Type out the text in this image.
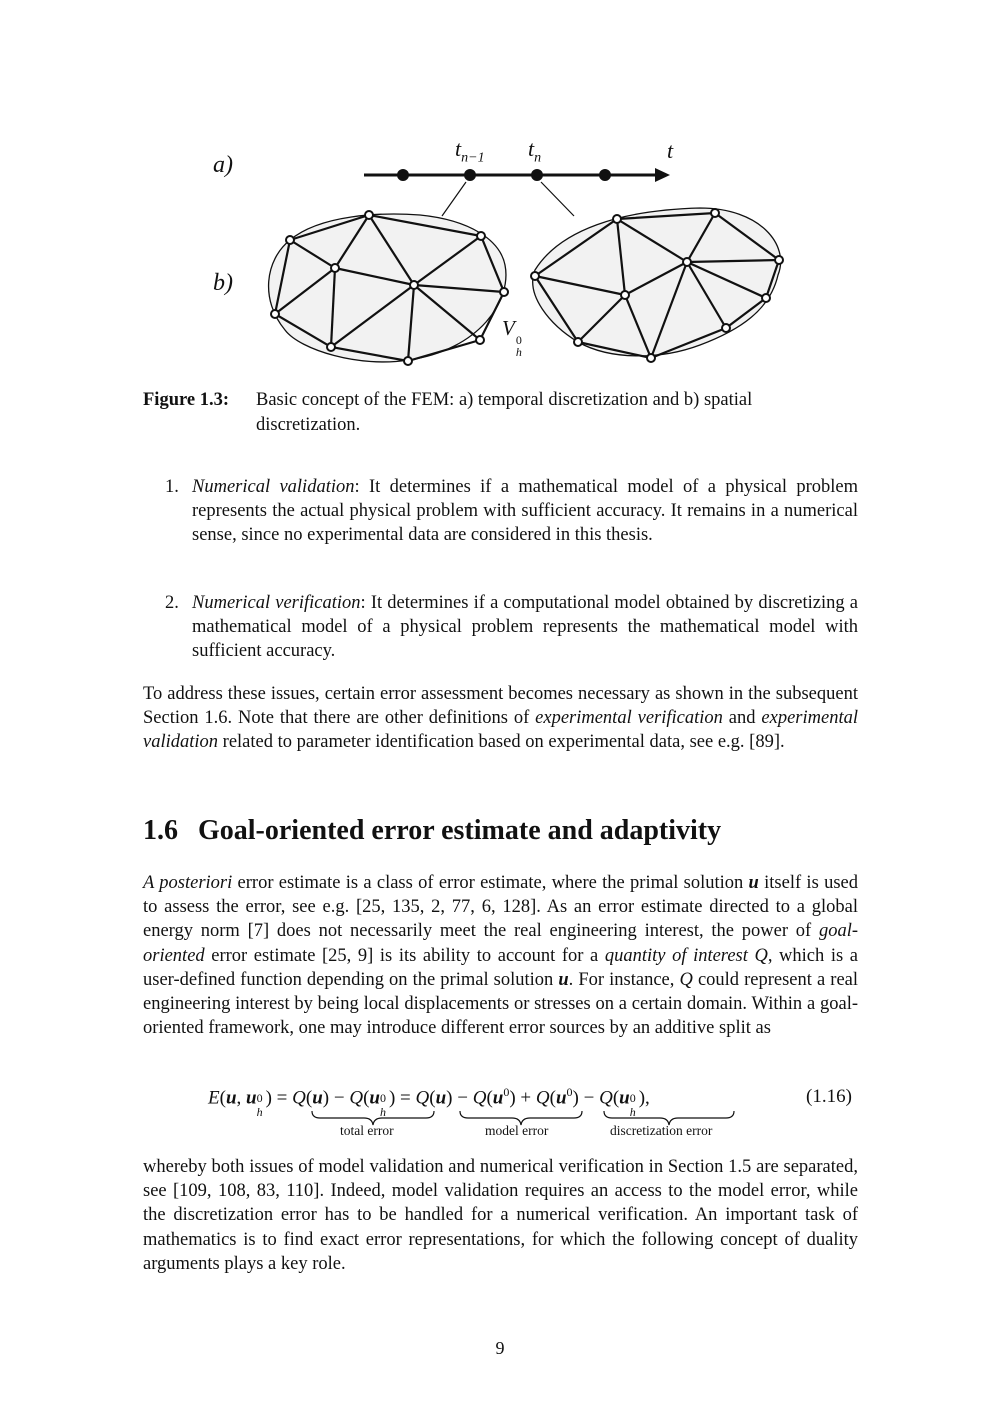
a)
b)
$t_{n-1}$ $t_n$	t
V 0
h
Figure 1.3: Basic concept of the FEM: a) temporal discretization and b) spatial discretization.
1. Numerical validation: It determines if a mathematical model of a physical problem represents the actual physical problem with sufficient accuracy. It remains in a numerical sense, since no experimental data are considered in this thesis.
2. Numerical verification: It determines if a computational model obtained by discretizing a mathematical model of a physical problem represents the mathematical model with sufficient accuracy.
To address these issues, certain error assessment becomes necessary as shown in the subsequent Section 1.6. Note that there are other definitions of experimental verification and experimental validation related to parameter identification based on experimental data, see e.g. [89].
1.6 Goal-oriented error estimate and adaptivity
A posteriori error estimate is a class of error estimate, where the primal solution u itself is used to assess the error, see e.g. [25, 135, 2, 77, 6, 128]. As an error estimate directed to a global energy norm [7] does not necessarily meet the real engineering interest, the power of goal-oriented error estimate [25, 9] is its ability to account for a quantity of interest Q, which is a user-defined function depending on the primal solution u. For instance, Q could represent a real engineering interest by being local displacements or stresses on a certain domain. Within a goal-oriented framework, one may introduce different error sources by an additive split as
E(u, u 0
h
) = Q(u) − Q(u 0
h
) = $Q(u) - Q(u^0) + Q(u^0) - Q(u$ 0
h
),
total error	model error	discretization error
(1.16)
whereby both issues of model validation and numerical verification in Section 1.5 are separated, see [109, 108, 83, 110]. Indeed, model validation requires an access to the model error, while the discretization error has to be handled for a numerical verification. An important task of mathematics is to find exact error representations, for which the following concept of duality arguments plays a key role.
9
